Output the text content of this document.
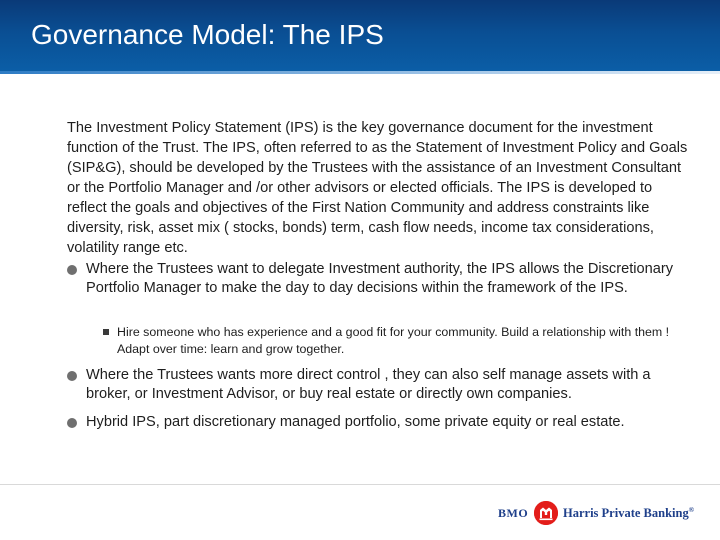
Governance Model: The IPS

The Investment Policy Statement (IPS) is the key governance document for the investment function of the Trust. The IPS, often referred to as the Statement of Investment Policy and Goals (SIP&G), should be developed by the Trustees with the assistance of an Investment Consultant or the Portfolio Manager and /or other advisors or elected officials. The IPS is developed to reflect the goals and objectives of the First Nation Community and address constraints like diversity, risk, asset mix ( stocks, bonds) term, cash flow needs, income tax considerations, volatility range etc.

Where the Trustees want to delegate Investment authority, the IPS allows the Discretionary Portfolio Manager to make the day to day decisions within the framework of the IPS.
Hire someone who has experience and a good fit for your community. Build a relationship with them ! Adapt over time: learn and grow together.
Where the Trustees wants more direct control , they can also self manage assets with a broker, or Investment Advisor, or buy real estate or directly own companies.
Hybrid IPS, part discretionary managed portfolio, some private equity or real estate.
BMO	Harris Private Banking®
